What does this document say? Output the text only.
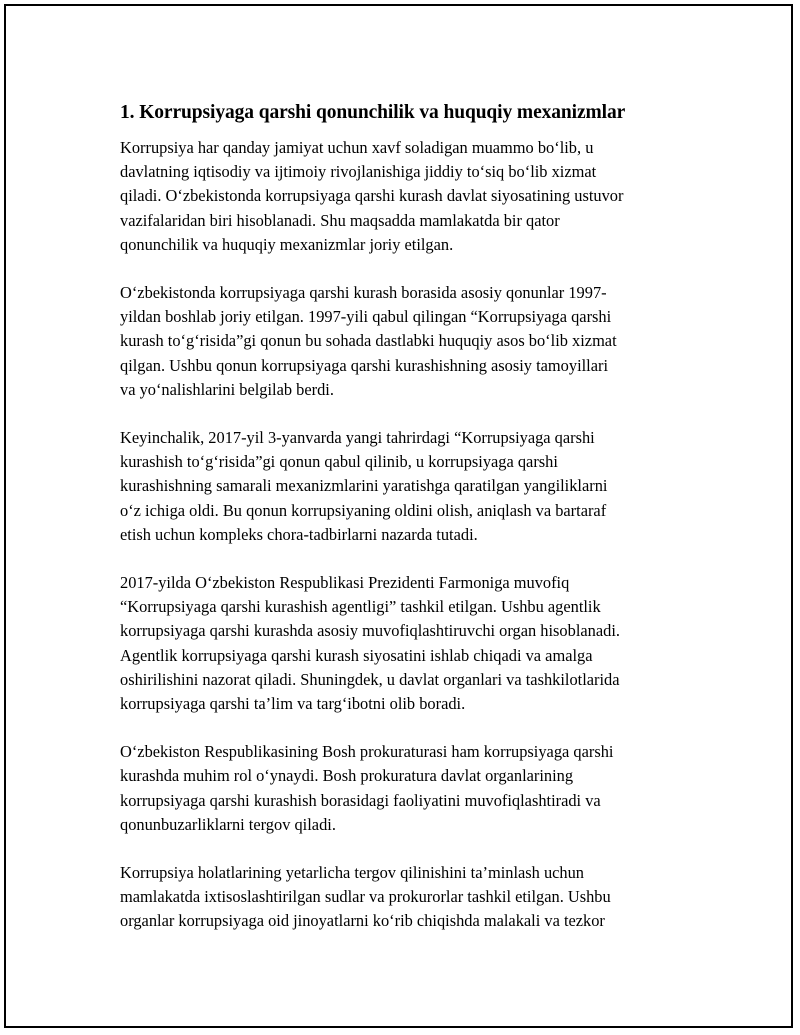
1. Korrupsiyaga qarshi qonunchilik va huquqiy mexanizmlar

Korrupsiya har qanday jamiyat uchun xavf soladigan muammo bo‘lib, u
davlatning iqtisodiy va ijtimoiy rivojlanishiga jiddiy to‘siq bo‘lib xizmat
qiladi. O‘zbekistonda korrupsiyaga qarshi kurash davlat siyosatining ustuvor
vazifalaridan biri hisoblanadi. Shu maqsadda mamlakatda bir qator
qonunchilik va huquqiy mexanizmlar joriy etilgan.

O‘zbekistonda korrupsiyaga qarshi kurash borasida asosiy qonunlar 1997-
yildan boshlab joriy etilgan. 1997-yili qabul qilingan “Korrupsiyaga qarshi
kurash to‘g‘risida”gi qonun bu sohada dastlabki huquqiy asos bo‘lib xizmat
qilgan. Ushbu qonun korrupsiyaga qarshi kurashishning asosiy tamoyillari
va yo‘nalishlarini belgilab berdi.

Keyinchalik, 2017-yil 3-yanvarda yangi tahrirdagi “Korrupsiyaga qarshi
kurashish to‘g‘risida”gi qonun qabul qilinib, u korrupsiyaga qarshi
kurashishning samarali mexanizmlarini yaratishga qaratilgan yangiliklarni
o‘z ichiga oldi. Bu qonun korrupsiyaning oldini olish, aniqlash va bartaraf
etish uchun kompleks chora-tadbirlarni nazarda tutadi.

2017-yilda O‘zbekiston Respublikasi Prezidenti Farmoniga muvofiq
“Korrupsiyaga qarshi kurashish agentligi” tashkil etilgan. Ushbu agentlik
korrupsiyaga qarshi kurashda asosiy muvofiqlashtiruvchi organ hisoblanadi.
Agentlik korrupsiyaga qarshi kurash siyosatini ishlab chiqadi va amalga
oshirilishini nazorat qiladi. Shuningdek, u davlat organlari va tashkilotlarida
korrupsiyaga qarshi ta’lim va targ‘ibotni olib boradi.

O‘zbekiston Respublikasining Bosh prokuraturasi ham korrupsiyaga qarshi
kurashda muhim rol o‘ynaydi. Bosh prokuratura davlat organlarining
korrupsiyaga qarshi kurashish borasidagi faoliyatini muvofiqlashtiradi va
qonunbuzarliklarni tergov qiladi.

Korrupsiya holatlarining yetarlicha tergov qilinishini ta’minlash uchun
mamlakatda ixtisoslashtirilgan sudlar va prokurorlar tashkil etilgan. Ushbu
organlar korrupsiyaga oid jinoyatlarni ko‘rib chiqishda malakali va tezkor
